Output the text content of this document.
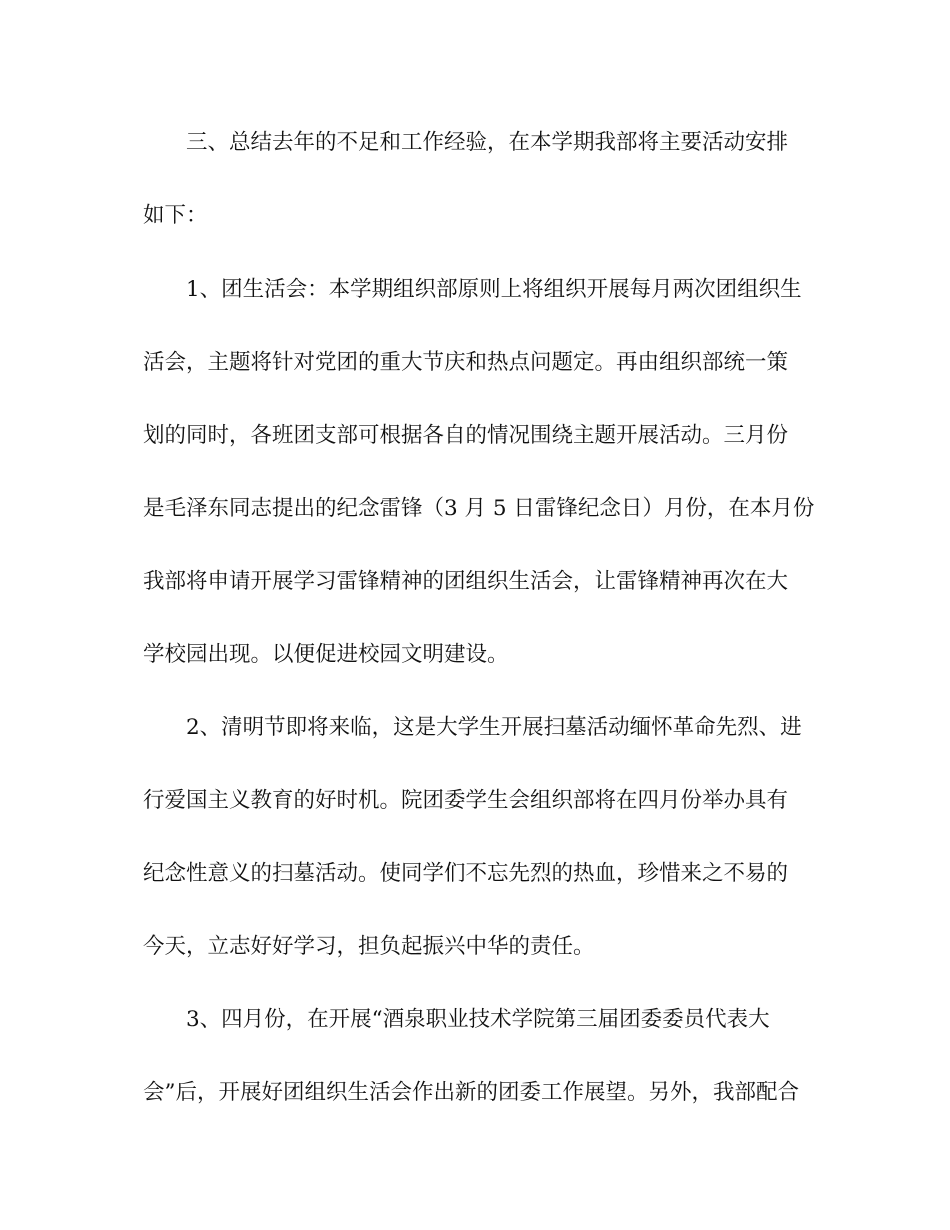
三、总结去年的不足和工作经验，在本学期我部将主要活动安排

如下：

1、团生活会：本学期组织部原则上将组织开展每月两次团组织生

活会，主题将针对党团的重大节庆和热点问题定。再由组织部统一策

划的同时，各班团支部可根据各自的情况围绕主题开展活动。三月份

是毛泽东同志提出的纪念雷锋（3 月 5 日雷锋纪念日）月份，在本月份

我部将申请开展学习雷锋精神的团组织生活会，让雷锋精神再次在大

学校园出现。以便促进校园文明建设。

2、清明节即将来临，这是大学生开展扫墓活动缅怀革命先烈、进

行爱国主义教育的好时机。院团委学生会组织部将在四月份举办具有

纪念性意义的扫墓活动。使同学们不忘先烈的热血，珍惜来之不易的

今天，立志好好学习，担负起振兴中华的责任。

3、四月份，在开展“酒泉职业技术学院第三届团委委员代表大

会”后，开展好团组织生活会作出新的团委工作展望。另外，我部配合
